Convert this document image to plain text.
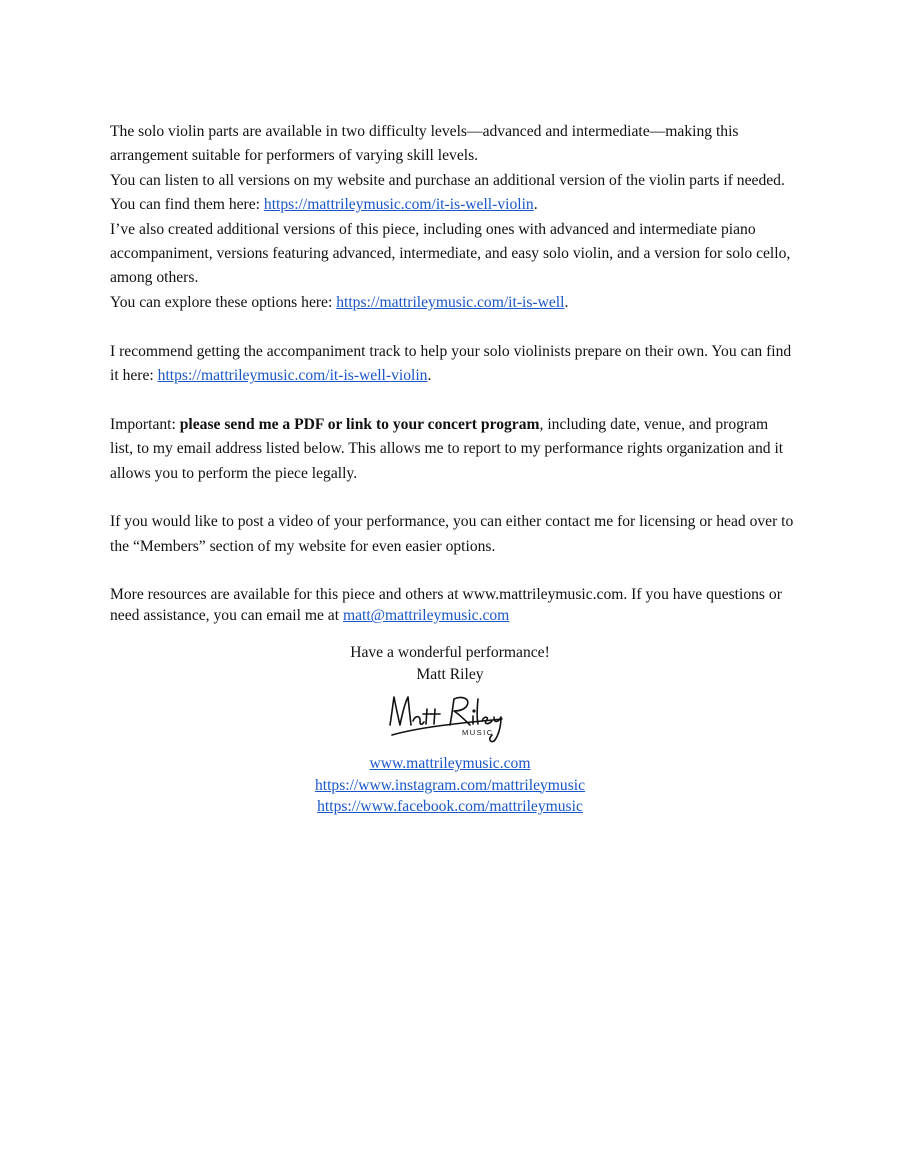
The solo violin parts are available in two difficulty levels—advanced and intermediate—making this
arrangement suitable for performers of varying skill levels.

You can listen to all versions on my website and purchase an additional version of the violin parts if needed.
You can find them here: https://mattrileymusic.com/it-is-well-violin.

I’ve also created additional versions of this piece, including ones with advanced and intermediate piano
accompaniment, versions featuring advanced, intermediate, and easy solo violin, and a version for solo cello,
among others.

You can explore these options here: https://mattrileymusic.com/it-is-well.

I recommend getting the accompaniment track to help your solo violinists prepare on their own. You can find
it here: https://mattrileymusic.com/it-is-well-violin.

Important: please send me a PDF or link to your concert program, including date, venue, and program
list, to my email address listed below. This allows me to report to my performance rights organization and it
allows you to perform the piece legally.

If you would like to post a video of your performance, you can either contact me for licensing or head over to
the “Members” section of my website for even easier options.

More resources are available for this piece and others at www.mattrileymusic.com. If you have questions or
need assistance, you can email me at matt@mattrileymusic.com

Have a wonderful performance!
Matt Riley
MUSIC
www.mattrileymusic.com
https://www.instagram.com/mattrileymusic
https://www.facebook.com/mattrileymusic
